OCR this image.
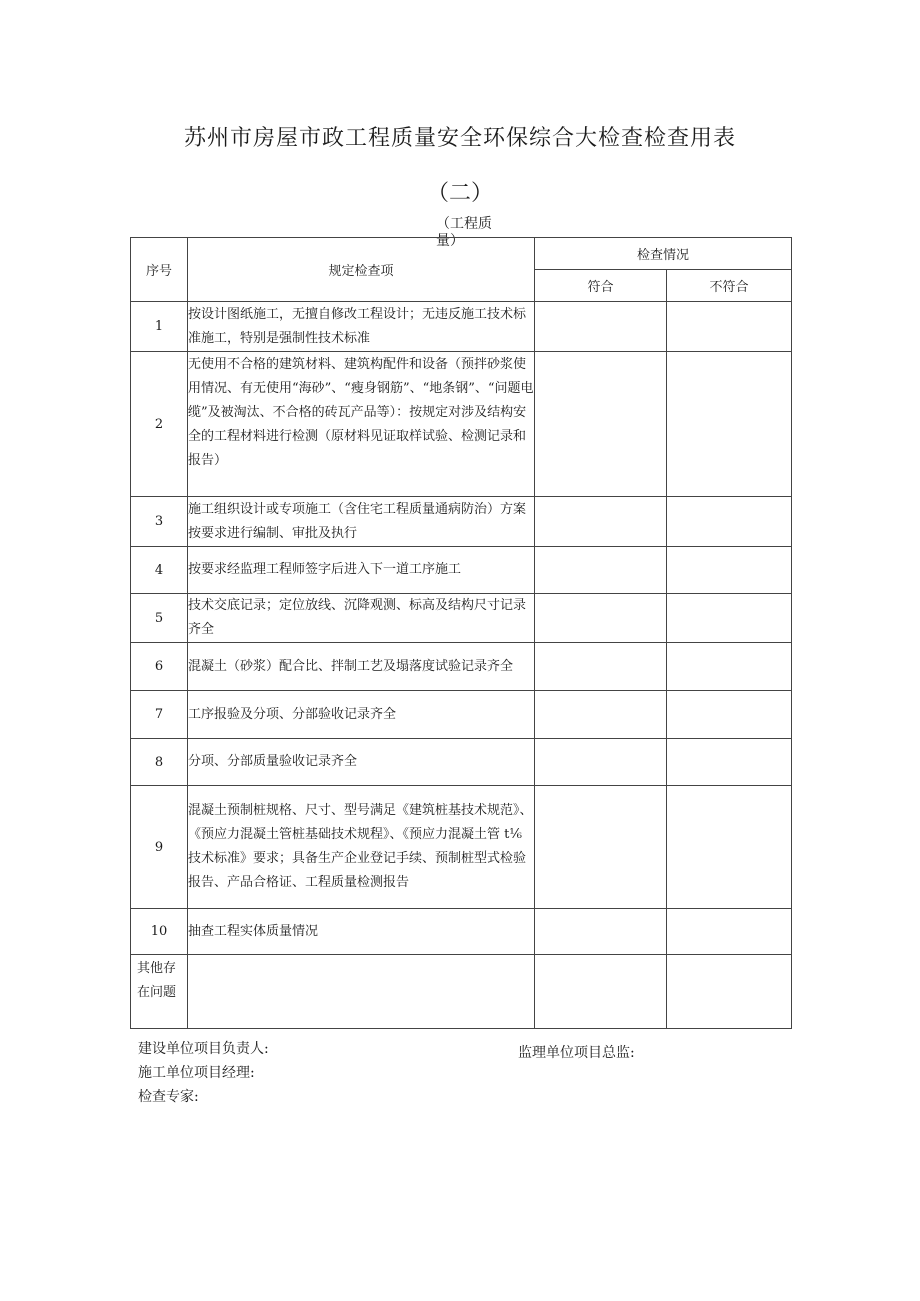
苏州市房屋市政工程质量安全环保综合大检查检查用表
（二）
（工程质量）
序号	规定检查项	检查情况	
		符合	不符合
1	按设计图纸施工，无擅自修改工程设计；无违反施工技术标准施工，特别是强制性技术标准		
2	无使用不合格的建筑材料、建筑构配件和设备（预拌砂浆使用情况、有无使用“海砂”、“瘦身钢筋”、“地条钢”、“问题电缆”及被淘汰、不合格的砖瓦产品等）：按规定对涉及结构安全的工程材料进行检测（原材料见证取样试验、检测记录和报告）		
3	施工组织设计或专项施工（含住宅工程质量通病防治）方案按要求进行编制、审批及执行		
4	按要求经监理工程师签字后进入下一道工序施工		
5	技术交底记录；定位放线、沉降观测、标高及结构尺寸记录齐全		
6	混凝土（砂浆）配合比、拌制工艺及塌落度试验记录齐全		
7	工序报验及分项、分部验收记录齐全		
8	分项、分部质量验收记录齐全		
9	混凝土预制桩规格、尺寸、型号满足《建筑桩基技术规范》、《预应力混凝土管桩基础技术规程》、《预应力混凝土管 t⅙技术标准》要求；具备生产企业登记手续、预制桩型式检验报告、产品合格证、工程质量检测报告		
10	抽查工程实体质量情况		
其他存在问题			
建设单位项目负责人:	监理单位项目总监:
施工单位项目经理:
检查专家:
